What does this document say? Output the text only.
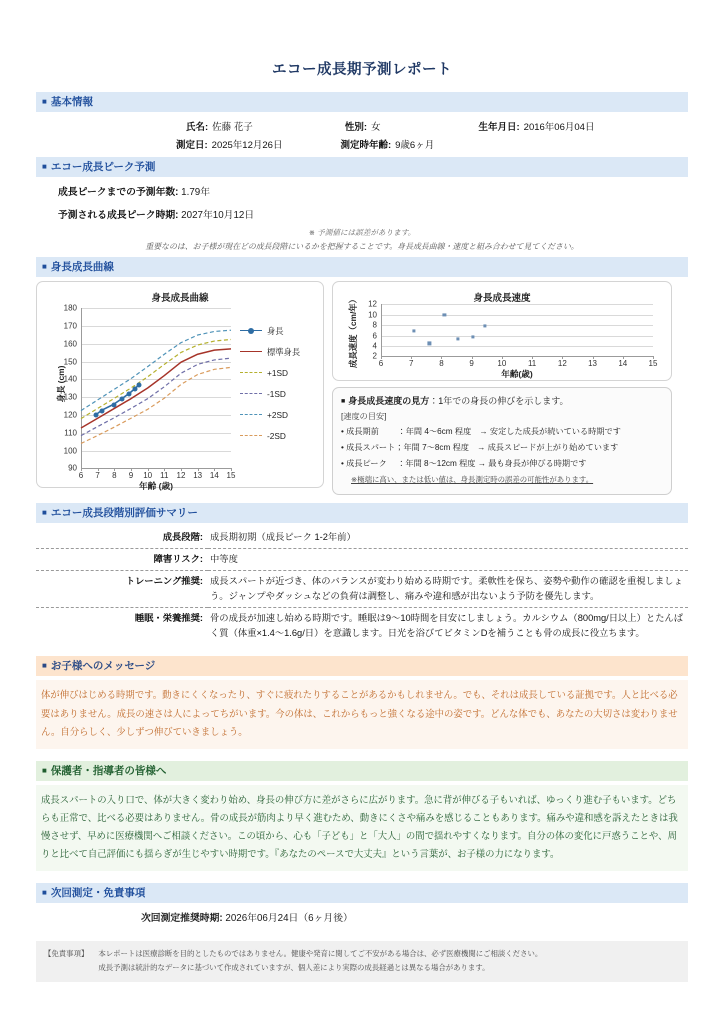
エコー成長期予測レポート
■ 基本情報
氏名: 佐藤 花子	性別: 女	生年月日: 2016年06月04日
測定日: 2025年12月26日	測定時年齢: 9歳6ヶ月
■ エコー成長ピーク予測
成長ピークまでの予測年数: 1.79年
予測される成長ピーク時期: 2027年10月12日
※ 予測値には誤差があります。
重要なのは、お子様が現在どの成長段階にいるかを把握することです。身長成長曲線・速度と組み合わせて見てください。
■ 身長成長曲線
身長成長曲線
90
100
110
120
130
140
150
160
170
180
6 7 8 9 10 11 12 13 14 15
身長 (cm)
年齢 (歳)
身長
標準身長
+1SD
-1SD
+2SD
-2SD
身長成長速度
2
4
6
8
10
12
6	7	8	9	10	11	12	13	14	15
成長速度（cm/年）
年齢(歳)
■ 身長成長速度の見方：1年での身長の伸びを示します。
[速度の目安]
• 成長期前　　 ：年間 4〜6cm 程度　→ 安定した成長が続いている時期です
• 成長スパート；年間 7〜8cm 程度　→ 成長スピードが上がり始めています
• 成長ピーク　 ：年間 8〜12cm 程度 → 最も身長が伸びる時期です
※極端に高い、または低い値は、身長測定時の誤差の可能性があります。
■ エコー成長段階別評価サマリー
成長段階:	成長期初期（成長ピーク 1-2年前）
障害リスク:	中等度
トレーニング推奨:	成長スパートが近づき、体のバランスが変わり始める時期です。柔軟性を保ち、姿勢や動作の確認を重視しましょう。ジャンプやダッシュなどの負荷は調整し、痛みや違和感が出ないよう予防を優先します。
睡眠・栄養推奨:	骨の成長が加速し始める時期です。睡眠は9〜10時間を目安にしましょう。カルシウム（800mg/日以上）とたんぱく質（体重×1.4〜1.6g/日）を意識します。日光を浴びてビタミンDを補うことも骨の成長に役立ちます。
■ お子様へのメッセージ
体が伸びはじめる時期です。動きにくくなったり、すぐに疲れたりすることがあるかもしれません。でも、それは成長している証拠です。人と比べる必要はありません。成長の速さは人によってちがいます。今の体は、これからもっと強くなる途中の姿です。どんな体でも、あなたの大切さは変わりません。自分らしく、少しずつ伸びていきましょう。
■ 保護者・指導者の皆様へ
成長スパートの入り口で、体が大きく変わり始め、身長の伸び方に差がさらに広がります。急に背が伸びる子もいれば、ゆっくり進む子もいます。どちらも正常で、比べる必要はありません。骨の成長が筋肉より早く進むため、動きにくさや痛みを感じることもあります。痛みや違和感を訴えたときは我慢させず、早めに医療機関へご相談ください。この頃から、心も「子ども」と「大人」の間で揺れやすくなります。自分の体の変化に戸惑うことや、周りと比べて自己評価にも揺らぎが生じやすい時期です。『あなたのペースで大丈夫』という言葉が、お子様の力になります。
■ 次回測定・免責事項
次回測定推奨時期: 2026年06月24日（6ヶ月後）
【免責事項】 本レポートは医療診断を目的としたものではありません。健康や発育に関してご不安がある場合は、必ず医療機関にご相談ください。
成長予測は統計的なデータに基づいて作成されていますが、個人差により実際の成長経過とは異なる場合があります。
